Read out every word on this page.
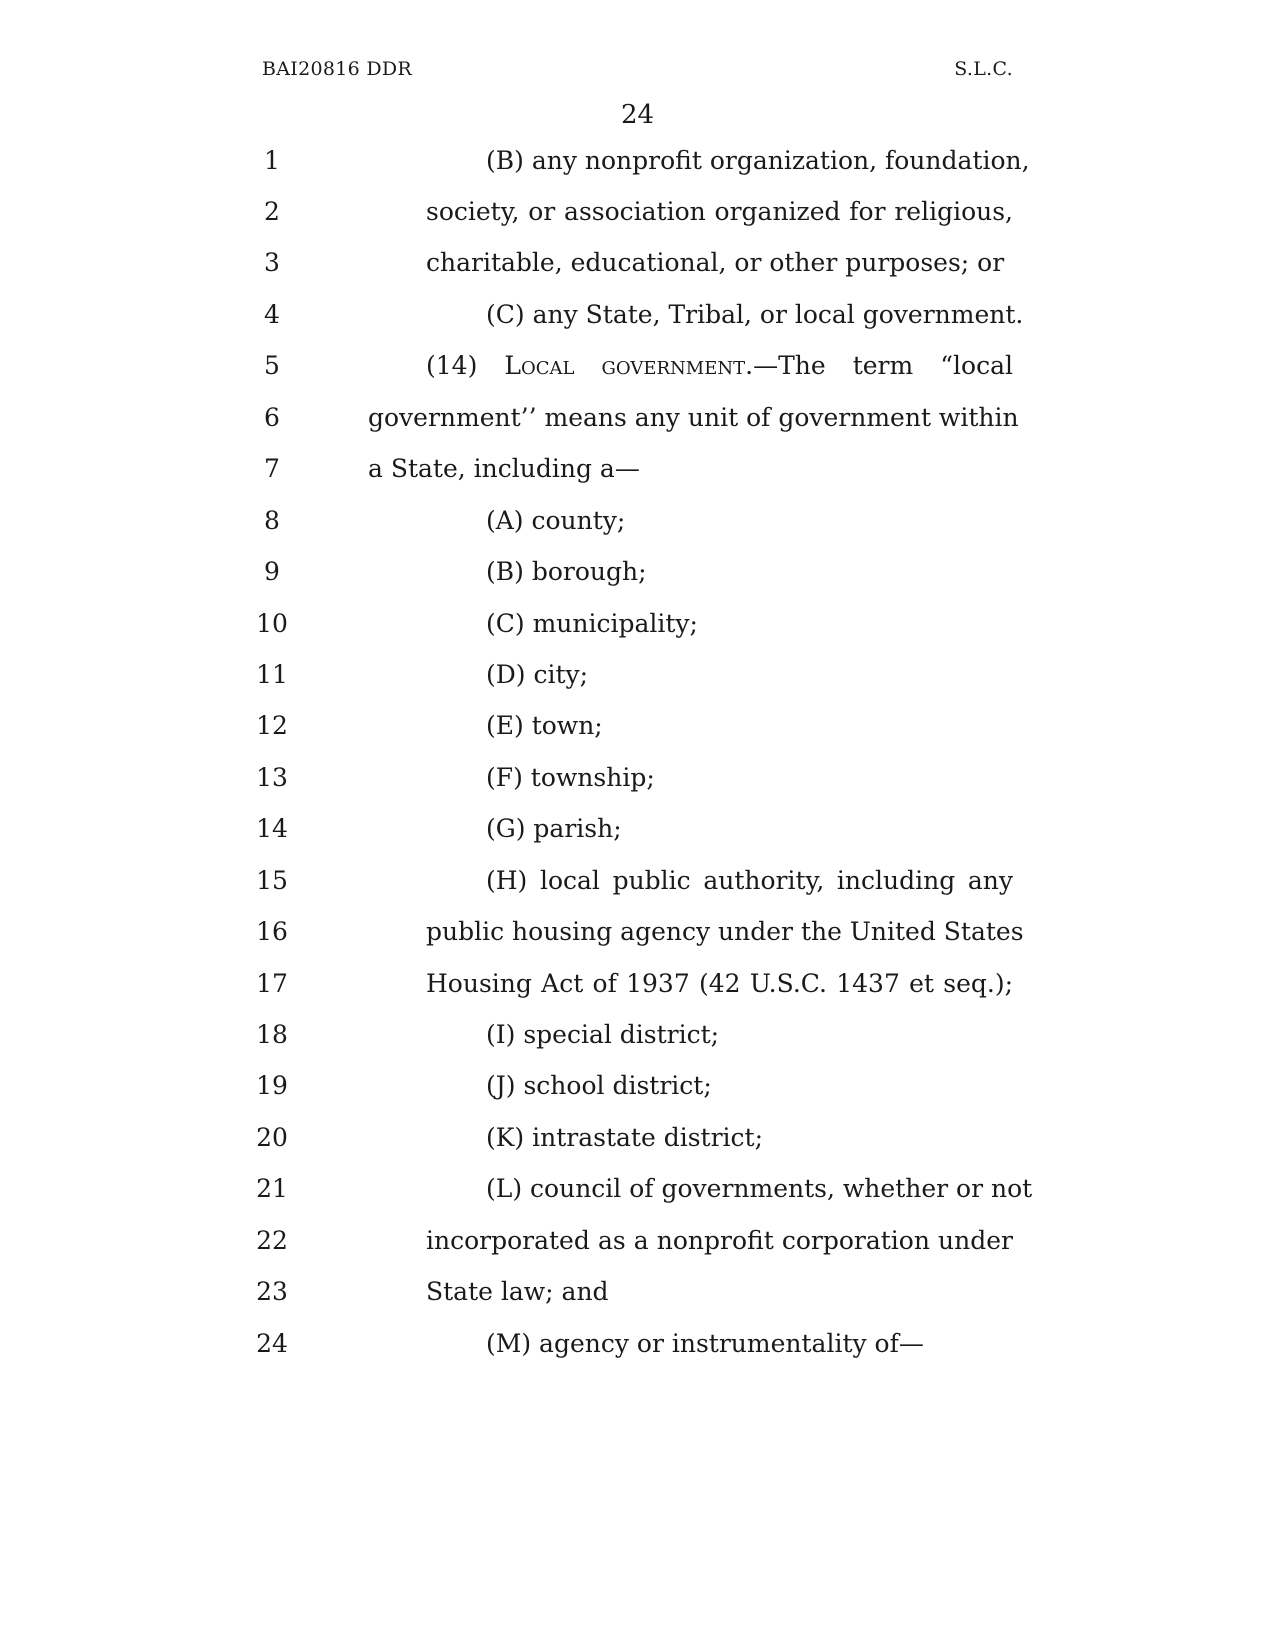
BAI20816 DDR	S.L.C.
24
1	(B) any nonprofit organization, foundation,
2	society, or association organized for religious,
3	charitable, educational, or other purposes; or
4	(C) any State, Tribal, or local government.
5	(14) Local government.—The term “local
6	government’’ means any unit of government within
7	a State, including a—
8	(A) county;
9	(B) borough;
10	(C) municipality;
11	(D) city;
12	(E) town;
13	(F) township;
14	(G) parish;
15	(H) local public authority, including any
16	public housing agency under the United States
17	Housing Act of 1937 (42 U.S.C. 1437 et seq.);
18	(I) special district;
19	(J) school district;
20	(K) intrastate district;
21	(L) council of governments, whether or not
22	incorporated as a nonprofit corporation under
23	State law; and
24	(M) agency or instrumentality of—
